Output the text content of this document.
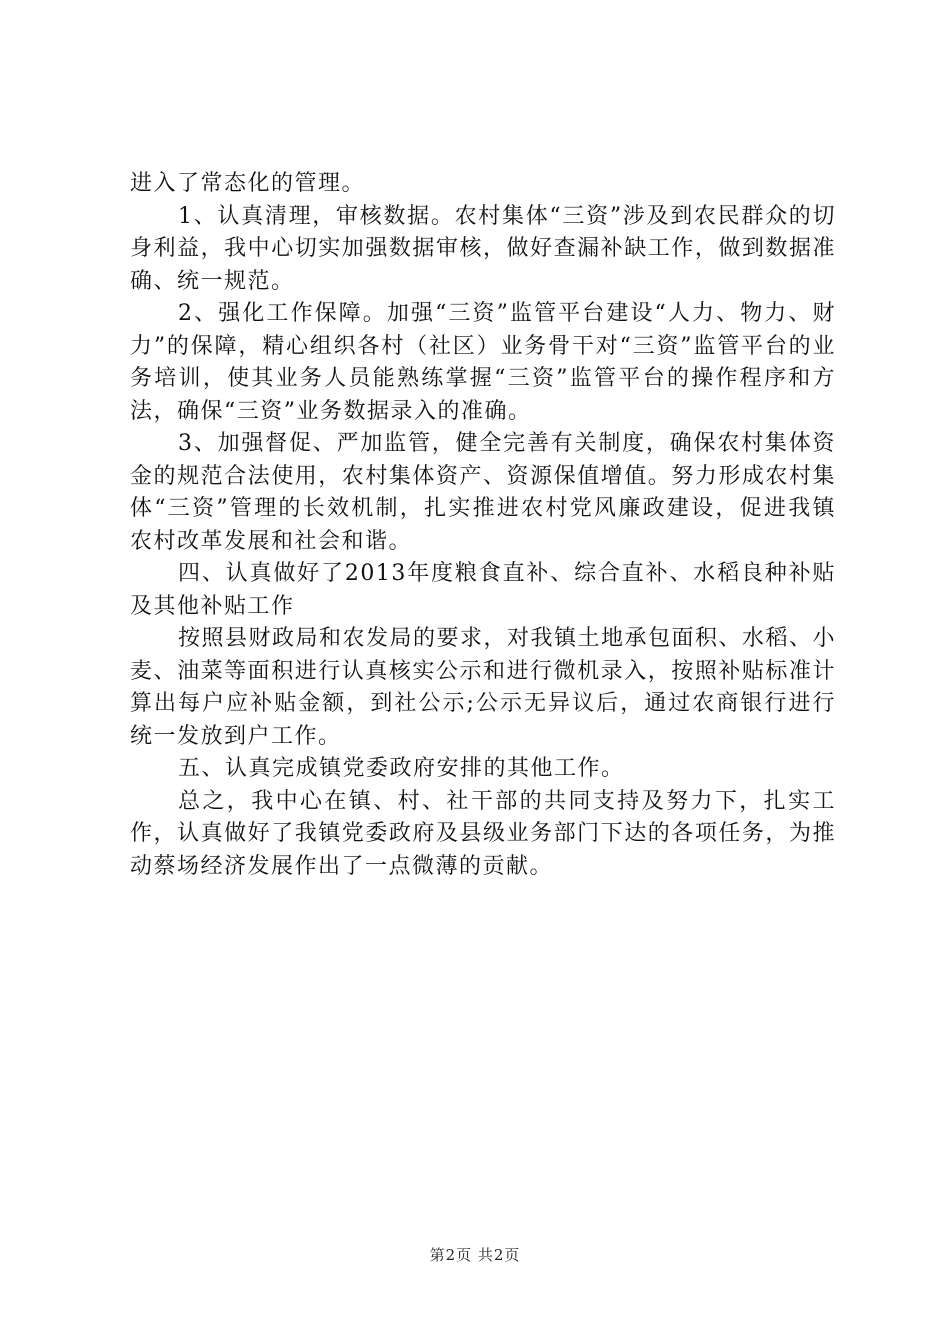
进入了常态化的管理。

1、认真清理，审核数据。农村集体“三资”涉及到农民群众的切身利益，我中心切实加强数据审核，做好查漏补缺工作，做到数据准确、统一规范。

2、强化工作保障。加强“三资”监管平台建设“人力、物力、财力”的保障，精心组织各村（社区）业务骨干对“三资”监管平台的业务培训，使其业务人员能熟练掌握“三资”监管平台的操作程序和方法，确保“三资”业务数据录入的准确。

3、加强督促、严加监管，健全完善有关制度，确保农村集体资金的规范合法使用，农村集体资产、资源保值增值。努力形成农村集体“三资”管理的长效机制，扎实推进农村党风廉政建设，促进我镇农村改革发展和社会和谐。

四、认真做好了2013年度粮食直补、综合直补、水稻良种补贴及其他补贴工作

按照县财政局和农发局的要求，对我镇土地承包面积、水稻、小麦、油菜等面积进行认真核实公示和进行微机录入，按照补贴标准计算出每户应补贴金额，到社公示;公示无异议后，通过农商银行进行统一发放到户工作。

五、认真完成镇党委政府安排的其他工作。

总之，我中心在镇、村、社干部的共同支持及努力下，扎实工作，认真做好了我镇党委政府及县级业务部门下达的各项任务，为推动蔡场经济发展作出了一点微薄的贡献。

第2页 共2页
